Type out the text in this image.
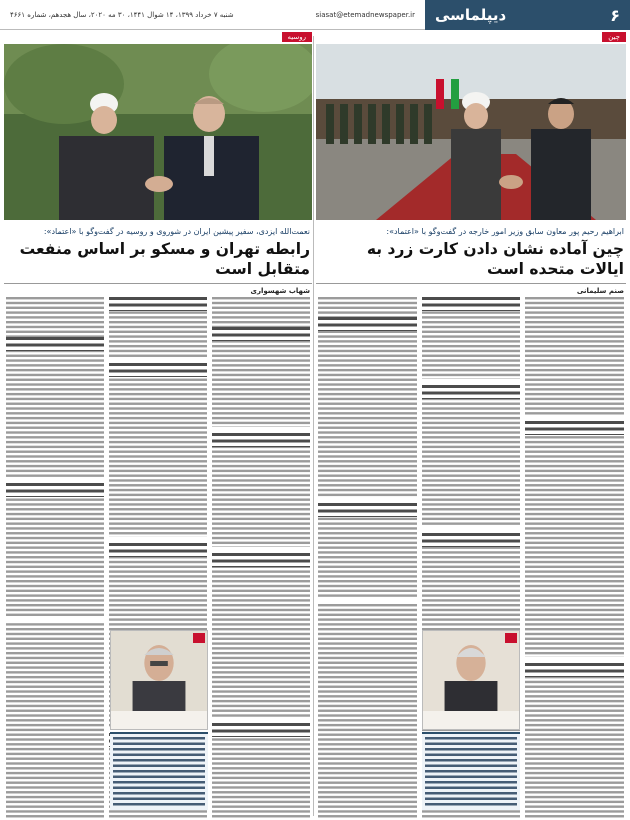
شنبه ۷ خرداد ۱۳۹۹، ۱۴ شوال ۱۴۴۱، ۳۰ مه ۲۰۲۰، سال هجدهم، شماره ۴۶۶۱	siasat@etemadnewspaper.ir دیپلماسی	۶
چین
ابراهیم رحیم پور معاون سابق وزیر امور خارجه در گفت‌وگو با «اعتماد»:
چین آماده نشان دادن کارت زرد به ایالات متحده است
صنم سلیمانی
روسیه
نعمت‌الله ایزدی، سفیر پیشین ایران در شوروی و روسیه در گفت‌وگو با «اعتماد»:
رابطه تهران و مسکو بر اساس منفعت متقابل است
شهاب شهسواری
